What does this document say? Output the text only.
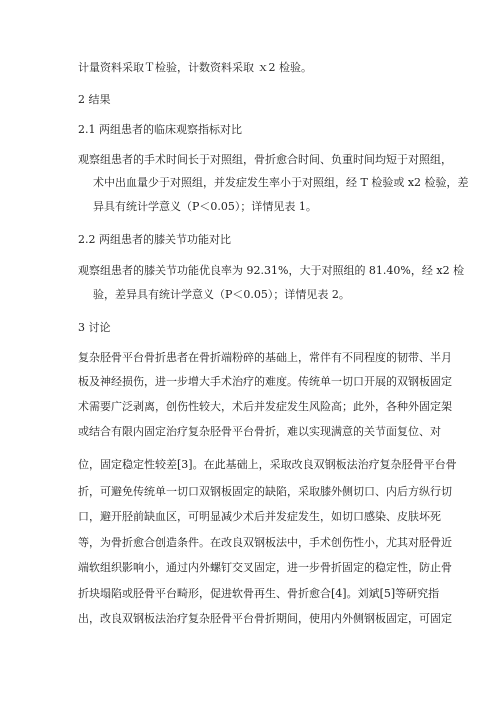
计量资料采取Ｔ检验，计数资料采取 ｘ2 检验。
2 结果
2.1 两组患者的临床观察指标对比
观察组患者的手术时间长于对照组，骨折愈合时间、负重时间均短于对照组，
术中出血量少于对照组，并发症发生率小于对照组，经 T 检验或 x2 检验，差
异具有统计学意义（P＜0.05）；详情见表 1。
2.2 两组患者的膝关节功能对比
观察组患者的膝关节功能优良率为 92.31%，大于对照组的 81.40%，经 x2 检
验，差异具有统计学意义（P＜0.05）；详情见表 2。
3 讨论
复杂胫骨平台骨折患者在骨折端粉碎的基础上，常伴有不同程度的韧带、半月
板及神经损伤，进一步增大手术治疗的难度。传统单一切口开展的双钢板固定
术需要广泛剥离，创伤性较大，术后并发症发生风险高；此外，各种外固定架
或结合有限内固定治疗复杂胫骨平台骨折，难以实现满意的关节面复位、对
位，固定稳定性较差[3]。在此基础上，采取改良双钢板法治疗复杂胫骨平台骨
折，可避免传统单一切口双钢板固定的缺陷，采取膝外侧切口、内后方纵行切
口，避开胫前缺血区，可明显减少术后并发症发生，如切口感染、皮肤坏死
等，为骨折愈合创造条件。在改良双钢板法中，手术创伤性小，尤其对胫骨近
端软组织影响小，通过内外螺钉交叉固定，进一步骨折固定的稳定性，防止骨
折块塌陷或胫骨平台畸形，促进软骨再生、骨折愈合[4]。刘斌[5]等研究指
出，改良双钢板法治疗复杂胫骨平台骨折期间，使用内外侧钢板固定，可固定
